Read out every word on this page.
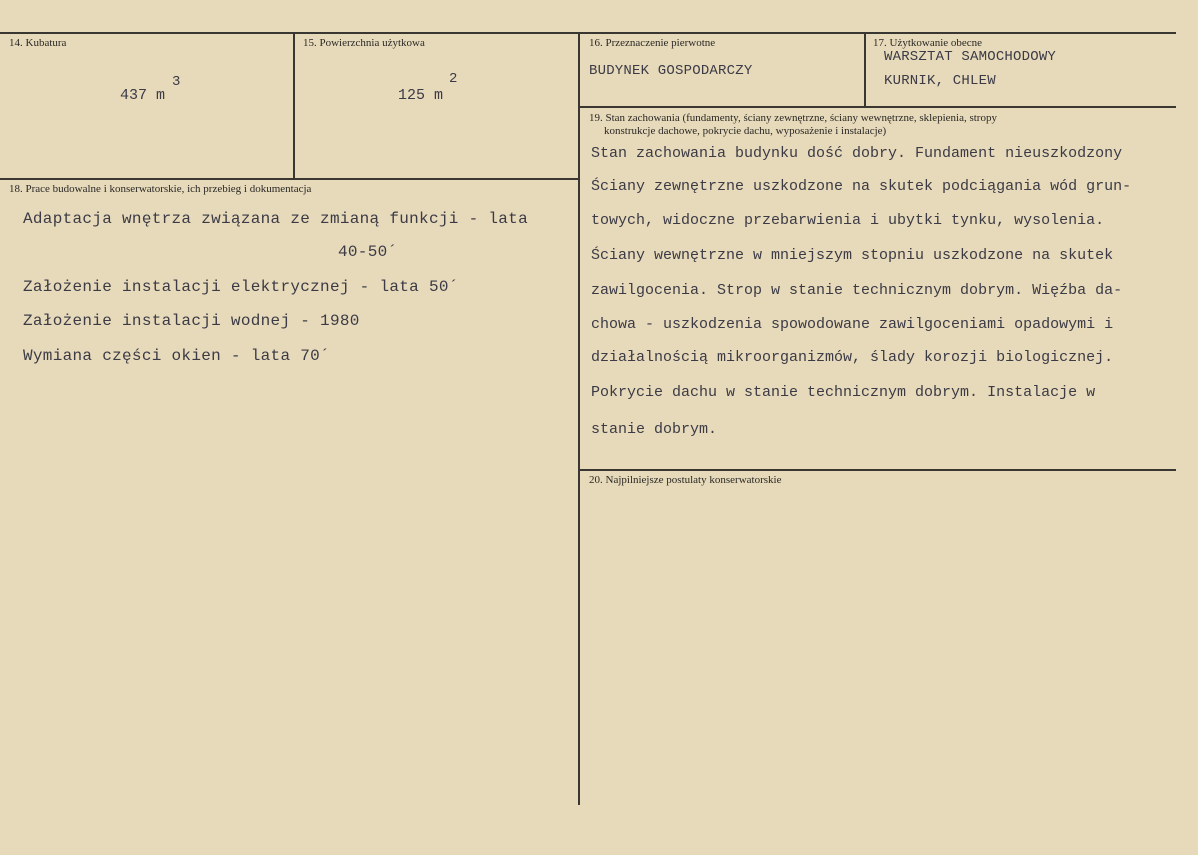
14. Kubatura
437 m
3
15. Powierzchnia użytkowa
125 m
2
16. Przeznaczenie pierwotne
BUDYNEK GOSPODARCZY
17. Użytkowanie obecne
WARSZTAT SAMOCHODOWY
KURNIK, CHLEW
18. Prace budowalne i konserwatorskie, ich przebieg i dokumentacja
Adaptacja wnętrza związana ze zmianą funkcji - lata
40-50´
Założenie instalacji elektrycznej - lata 50´
Założenie instalacji wodnej - 1980
Wymiana części okien - lata 70´
19. Stan zachowania (fundamenty, ściany zewnętrzne, ściany wewnętrzne, sklepienia, stropy
konstrukcje dachowe, pokrycie dachu, wyposażenie i instalacje)
Stan zachowania budynku dość dobry. Fundament nieuszkodzony
Ściany zewnętrzne uszkodzone na skutek podciągania wód grun-
towych, widoczne przebarwienia i ubytki tynku, wysolenia.
Ściany wewnętrzne w mniejszym stopniu uszkodzone na skutek
zawilgocenia. Strop w stanie technicznym dobrym. Więźba da-
chowa - uszkodzenia spowodowane zawilgoceniami opadowymi i
działalnością mikroorganizmów, ślady korozji biologicznej.
Pokrycie dachu w stanie technicznym dobrym. Instalacje w
stanie dobrym.
20. Najpilniejsze postulaty konserwatorskie
